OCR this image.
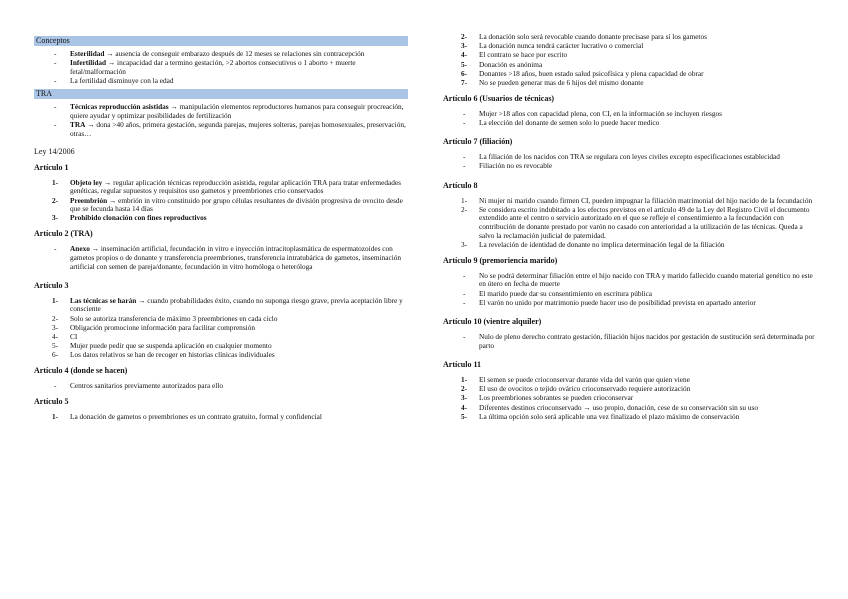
Conceptos
-	Esterilidad → ausencia de conseguir embarazo después de 12 meses se relaciones sin contracepción
-	Infertilidad → incapacidad dar a termino gestación, >2 abortos consecutivos o 1 aborto + muerte fetal/malformación
-	La fertilidad disminuye con la edad
TRA
-	Técnicas reproducción asistidas → manipulación elementos reproductores humanos para conseguir procreación, quiere ayudar y optimizar posibilidades de fertilización
-	TRA → dona >40 años, primera gestación, segunda parejas, mujeres solteras, parejas homosexuales, preservación, otras…
Ley 14/2006
Artículo 1
1-	Objeto ley → regular aplicación técnicas reproducción asistida, regular aplicación TRA para tratar enfermedades genéticas, regular supuestos y requisitos uso gametos y preembriones crio conservados
2-	Preembrión → embrión in vitro constituido por grupo células resultantes de división progresiva de ovocito desde que se fecunda hasta 14 días
3-	Prohibido clonación con fines reproductivos
Artículo 2 (TRA)
-	Anexo → inseminación artificial, fecundación in vitro e inyección intracitoplasmática de espermatozoides con gametos propios o de donante y transferencia preembriones, transferencia intratubárica de gametos, inseminación artificial con semen de pareja/donante, fecundación in vitro homóloga o heteróloga
Artículo 3
1-	Las técnicas se harán → cuando probabilidades éxito, cuando no suponga riesgo grave, previa aceptación libre y consciente
2-	Solo se autoriza transferencia de máximo 3 preembriones en cada ciclo
3-	Obligación promocione información para facilitar comprensión
4-	CI
5-	Mujer puede pedir que se suspenda aplicación en cualquier momento
6-	Los datos relativos se han de recoger en historias clínicas individuales
Artículo 4 (donde se hacen)
-	Centros sanitarios previamente autorizados para ello
Artículo 5
1-	La donación de gametos o preembriones es un contrato gratuito, formal y confidencial
2-	La donación solo será revocable cuando donante precisase para sí los gametos
3-	La donación nunca tendrá carácter lucrativo o comercial
4-	El contrato se hace por escrito
5-	Donación es anónima
6-	Donantes >18 años, buen estado salud psicofísica y plena capacidad de obrar
7-	No se pueden generar mas de 6 hijos del mismo donante
Artículo 6 (Usuarios de técnicas)
-	Mujer >18 años con capacidad plena, con CI, en la información se incluyen riesgos
-	La elección del donante de semen solo lo puede hacer medico
Artículo 7 (filiación)
-	La filiación de los nacidos con TRA se regulara con leyes civiles excepto especificaciones establecidad
-	Filiación no es revocable
Artículo 8
1-	Ni mujer ni marido cuando firmen CI, pueden impugnar la filiación matrimonial del hijo nacido de la fecundación
2-	Se considera escrito indubitado a los efectos previstos en el artículo 49 de la Ley del Registro Civil el documento extendido ante el centro o servicio autorizado en el que se refleje el consentimiento a la fecundación con contribución de donante prestado por varón no casado con anterioridad a la utilización de las técnicas. Queda a salvo la reclamación judicial de paternidad.
3-	La revelación de identidad de donante no implica determinación legal de la filiación
Artículo 9 (premoriencia marido)
-	No se podrá determinar filiación entre el hijo nacido con TRA y marido fallecido cuando material genético no este en útero en fecha de muerte
-	El marido puede dar su consentimiento en escritura pública
-	El varón no unido por matrimonio puede hacer uso de posibilidad prevista en apartado anterior
Artículo 10 (vientre alquiler)
-	Nulo de pleno derecho contrato gestación, filiación hijos nacidos por gestación de sustitución será determinada por parto
Artículo 11
1-	El semen se puede crioconservar durante vida del varón que quien viene
2-	El uso de ovocitos o tejido ovárico crioconservado requiere autorización
3-	Los preembriones sobrantes se pueden crioconservar
4-	Diferentes destinos crioconservado → uso propio, donación, cese de su conservación sin su uso
5-	La última opción solo será aplicable una vez finalizado el plazo máximo de conservación
